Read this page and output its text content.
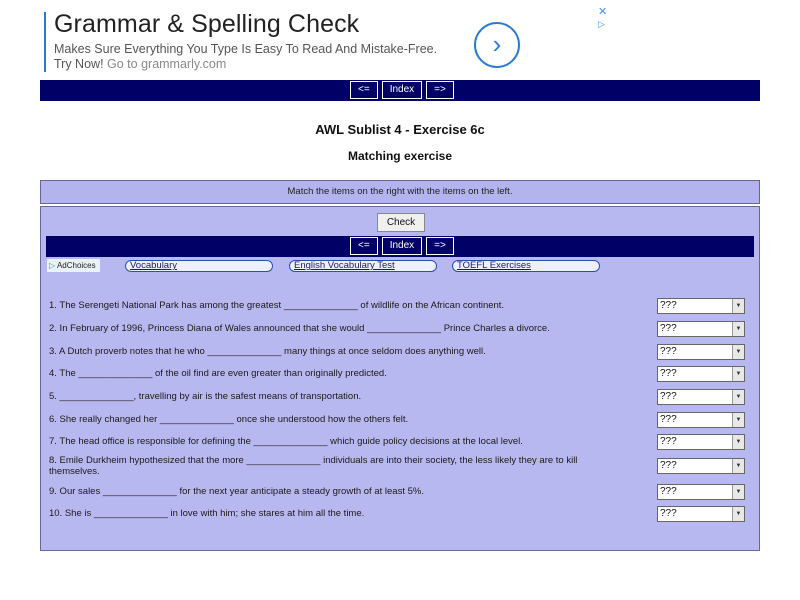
Grammar & Spelling Check
Makes Sure Everything You Type Is Easy To Read And Mistake-Free. Try Now! Go to grammarly.com
›
✕
▷
<=	Index	=>
AWL Sublist 4 - Exercise 6c
Matching exercise
Match the items on the right with the items on the left.
Check
<=	Index	=>
▷ AdChoices	Vocabulary	English Vocabulary Test	TOEFL Exercises
1. The Serengeti National Park has among the greatest ______________ of wildlife on the African continent.	???	▼
2. In February of 1996, Princess Diana of Wales announced that she would ______________ Prince Charles a divorce.	???	▼
3. A Dutch proverb notes that he who ______________ many things at once seldom does anything well.	???	▼
4. The ______________ of the oil find are even greater than originally predicted.	???	▼
5. ______________, travelling by air is the safest means of transportation.	???	▼
6. She really changed her ______________ once she understood how the others felt.	???	▼
7. The head office is responsible for defining the ______________ which guide policy decisions at the local level.	???	▼
8. Emile Durkheim hypothesized that the more ______________ individuals are into their society, the less likely they are to kill themselves.
???	▼
9. Our sales ______________ for the next year anticipate a steady growth of at least 5%.	???	▼
10. She is ______________ in love with him; she stares at him all the time.	???	▼
